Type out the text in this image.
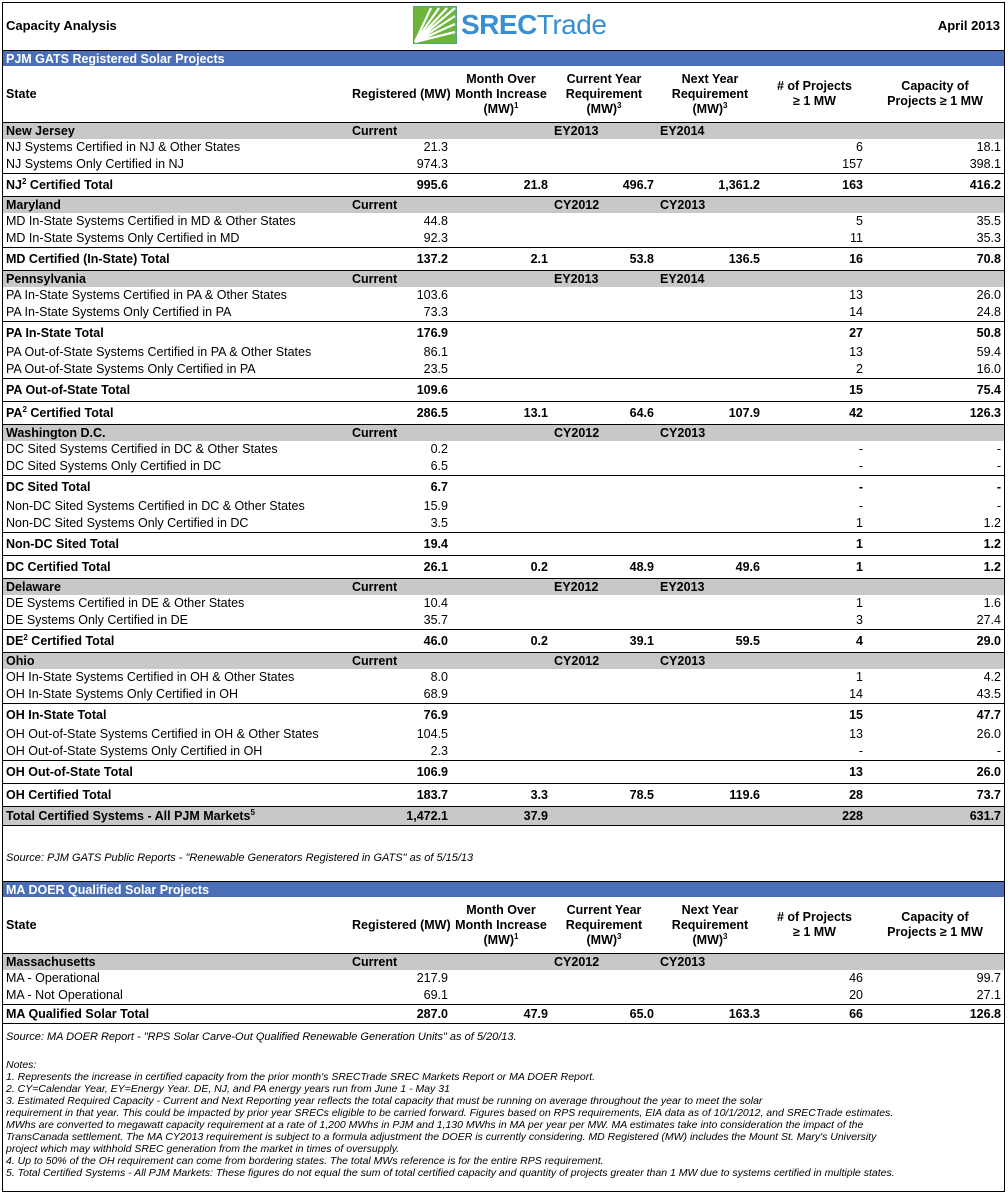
Capacity Analysis	SRECTrade	April 2013
PJM GATS Registered Solar Projects
State	Registered (MW)	Month Over
Month Increase
(MW)$^1$	Current Year
Requirement
(MW)$^3$	Next Year
Requirement
(MW)$^3$	# of Projects
≥ 1 MW	Capacity of
Projects ≥ 1 MW
New Jersey	Current		EY2013	EY2014		
NJ Systems Certified in NJ & Other States	21.3				6	18.1
NJ Systems Only Certified in NJ	974.3				157	398.1
$NJ^2$ Certified Total	995.6	21.8	496.7	1,361.2	163	416.2
Maryland	Current		CY2012	CY2013		
MD In-State Systems Certified in MD & Other States	44.8				5	35.5
MD In-State Systems Only Certified in MD	92.3				11	35.3
MD Certified (In-State) Total	137.2	2.1	53.8	136.5	16	70.8
Pennsylvania	Current		EY2013	EY2014		
PA In-State Systems Certified in PA & Other States	103.6				13	26.0
PA In-State Systems Only Certified in PA	73.3				14	24.8
PA In-State Total	176.9				27	50.8
PA Out-of-State Systems Certified in PA & Other States	86.1				13	59.4
PA Out-of-State Systems Only Certified in PA	23.5				2	16.0
PA Out-of-State Total	109.6				15	75.4
$PA^2$ Certified Total	286.5	13.1	64.6	107.9	42	126.3
Washington D.C.	Current		CY2012	CY2013		
DC Sited Systems Certified in DC & Other States	0.2				-	-
DC Sited Systems Only Certified in DC	6.5				-	-
DC Sited Total	6.7				-	-
Non-DC Sited Systems Certified in DC & Other States	15.9				-	-
Non-DC Sited Systems Only Certified in DC	3.5				1	1.2
Non-DC Sited Total	19.4				1	1.2
DC Certified Total	26.1	0.2	48.9	49.6	1	1.2
Delaware	Current		EY2012	EY2013		
DE Systems Certified in DE & Other States	10.4				1	1.6
DE Systems Only Certified in DE	35.7				3	27.4
$DE^2$ Certified Total	46.0	0.2	39.1	59.5	4	29.0
Ohio	Current		CY2012	CY2013		
OH In-State Systems Certified in OH & Other States	8.0				1	4.2
OH In-State Systems Only Certified in OH	68.9				14	43.5
OH In-State Total	76.9				15	47.7
OH Out-of-State Systems Certified in OH & Other States	104.5				13	26.0
OH Out-of-State Systems Only Certified in OH	2.3				-	-
OH Out-of-State Total	106.9				13	26.0
OH Certified Total	183.7	3.3	78.5	119.6	28	73.7
Total Certified Systems - All PJM Markets$^5$	1,472.1	37.9			228	631.7
Source: PJM GATS Public Reports - "Renewable Generators Registered in GATS" as of 5/15/13
MA DOER Qualified Solar Projects
State	Registered (MW)	Month Over
Month Increase
(MW)$^1$	Current Year
Requirement
(MW)$^3$	Next Year
Requirement
(MW)$^3$	# of Projects
≥ 1 MW	Capacity of
Projects ≥ 1 MW
Massachusetts	Current		CY2012	CY2013		
MA - Operational	217.9				46	99.7
MA - Not Operational	69.1				20	27.1
MA Qualified Solar Total	287.0	47.9	65.0	163.3	66	126.8
Source: MA DOER Report - "RPS Solar Carve-Out Qualified Renewable Generation Units" as of 5/20/13.
Notes:
1. Represents the increase in certified capacity from the prior month's SRECTrade SREC Markets Report or MA DOER Report.
2. CY=Calendar Year, EY=Energy Year. DE, NJ, and PA energy years run from June 1 - May 31
3. Estimated Required Capacity - Current and Next Reporting year reflects the total capacity that must be running on average throughout the year to meet the solar
requirement in that year. This could be impacted by prior year SRECs eligible to be carried forward. Figures based on RPS requirements, EIA data as of 10/1/2012, and SRECTrade estimates.
MWhs are converted to megawatt capacity requirement at a rate of 1,200 MWhs in PJM and 1,130 MWhs in MA per year per MW. MA estimates take into consideration the impact of the
TransCanada settlement. The MA CY2013 requirement is subject to a formula adjustment the DOER is currently considering. MD Registered (MW) includes the Mount St. Mary's University
project which may withhold SREC generation from the market in times of oversupply.
4. Up to 50% of the OH requirement can come from bordering states. The total MWs reference is for the entire RPS requirement.
5. Total Certified Systems - All PJM Markets: These figures do not equal the sum of total certified capacity and quantity of projects greater than 1 MW due to systems certified in multiple states.
